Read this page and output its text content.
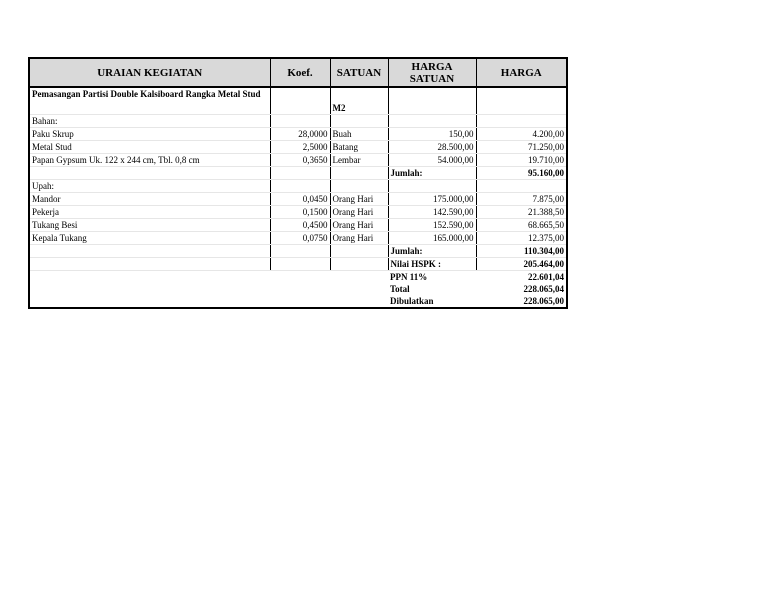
URAIAN KEGIATAN	Koef.	SATUAN	HARGA SATUAN	HARGA
Pemasangan Partisi Double Kalsiboard Rangka Metal Stud		M2		
Bahan:				
Paku Skrup	28,0000	Buah	150,00	4.200,00
Metal Stud	2,5000	Batang	28.500,00	71.250,00
Papan Gypsum Uk. 122 x 244 cm, Tbl. 0,8 cm	0,3650	Lembar	54.000,00	19.710,00
			Jumlah:	95.160,00
Upah:				
Mandor	0,0450	Orang Hari	175.000,00	7.875,00
Pekerja	0,1500	Orang Hari	142.590,00	21.388,50
Tukang Besi	0,4500	Orang Hari	152.590,00	68.665,50
Kepala Tukang	0,0750	Orang Hari	165.000,00	12.375,00
			Jumlah:	110.304,00
			Nilai HSPK :	205.464,00
			PPN 11%	22.601,04
			Total	228.065,04
			Dibulatkan	228.065,00
